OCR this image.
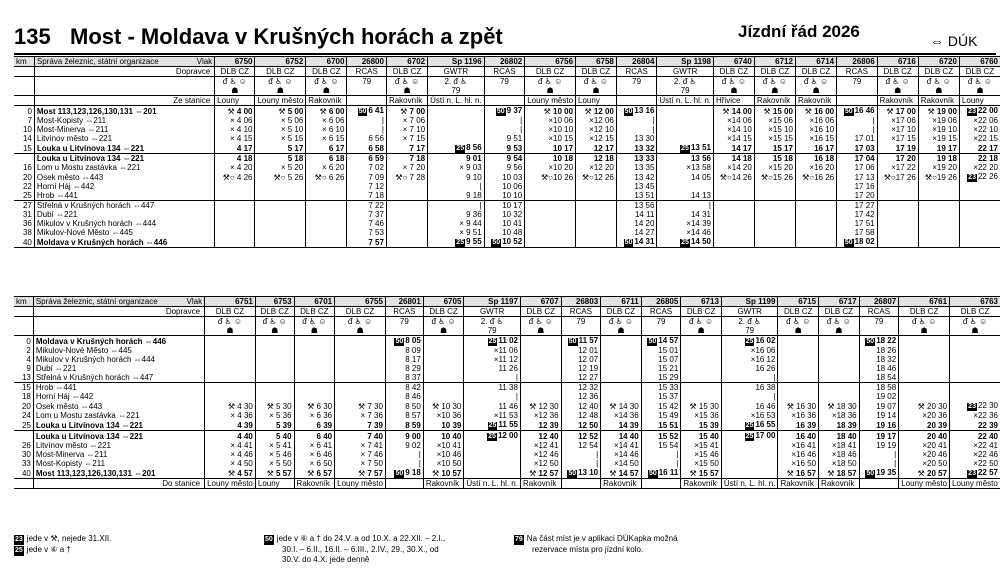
135 Most - Moldava v Krušných horách a zpět	Jízdní řád 2026	⇔ DÚK
km	Správa železnic, státní organizace Vlak	6750	6752	6700	26800	6702	Sp 1196	26802	6756	6758	26804	Sp 1198	6740	6712	6714	26806	6716	6720	6760
	Dopravce	DLB CZ	DLB CZ	DLB CZ	RCAS	DLB CZ	GWTR	RCAS	DLB CZ	DLB CZ	RCAS	GWTR	DLB CZ	DLB CZ	DLB CZ	RCAS	DLB CZ	DLB CZ	DLB CZ
		ᵭ ♿ ☺	ᵭ ♿ ☺	ᵭ ♿ ☺	79	ᵭ ♿ ☺	2. ᵭ ♿	79	ᵭ ♿ ☺	ᵭ ♿ ☺	79	2. ᵭ ♿	ᵭ ♿ ☺	ᵭ ♿ ☺	ᵭ ♿ ☺	79	ᵭ ♿ ☺	ᵭ ♿ ☺	ᵭ ♿ ☺
		☗	☗	☗		☗	79		☗	☗		79	☗	☗	☗		☗	☗	☗
	Ze stanice	Louny	Louny město	Rakovník		Rakovník	Ústí n. L. hl. n.		Louny město	Louny		Ústí n. L. hl. n.	Hřivice	Rakovník	Rakovník		Rakovník	Rakovník	Louny
0	Most 113,123,126,130,131 ⇔201	⚒ 4 00	⚒ 5 00	⚒ 6 00	50 6 41	⚒ 7 00		50 9 37	⚒ 10 00	⚒ 12 00	50 13 16		⚒ 14 00	⚒ 15 00	⚒ 16 00	50 16 46	⚒ 17 00	⚒ 19 00	23 22 00
7	Most-Kopisty ⇔211	× 4 06	× 5 06	× 6 06	|	× 7 06		|	×10 06	×12 06	|		×14 06	×15 06	×16 06	|	×17 06	×19 06	×22 06
10	Most-Minerva ⇔211	× 4 10	× 5 10	× 6 10	|	× 7 10		|	×10 10	×12 10	|		×14 10	×15 10	×16 10	|	×17 10	×19 10	×22 10
14	Litvínov město ⇔221	× 4 15	× 5 15	× 6 15	6 56	× 7 15		9 51	×10 15	×12 15	13 30		×14 15	×15 15	×16 15	17 01	×17 15	×19 15	×22 15
15	Louka u Litvínova 134 ⇔221	4 17	5 17	6 17	6 58	7 17	25 8 56	9 53	10 17	12 17	13 32	25 13 51	14 17	15 17	16 17	17 03	17 19	19 17	22 17
	Louka u Litvínova 134 ⇔221	4 18	5 18	6 18	6 59	7 18	9 01	9 54	10 18	12 18	13 33	13 56	14 18	15 18	16 18	17 04	17 20	19 18	22 18
16	Lom u Mostu zastávka ⇔221	× 4 20	× 5 20	× 6 20	7 02	× 7 20	× 9 03	9 56	×10 20	×12 20	13 35	×13 58	×14 20	×15 20	×16 20	17 06	×17 22	×19 20	×22 20
20	Osek město ⇔443	⚒○ 4 26	⚒○ 5 26	⚒○ 6 26	7 09	⚒○ 7 28	9 10	10 03	⚒○10 26	⚒○12 26	13 42	14 05	⚒○14 26	⚒○15 26	⚒○16 26	17 13	⚒○17 26	⚒○19 26	23 22 26
22	Horní Háj ⇔442				7 12		|	10 06			13 45					17 16			
25	Hrob ⇔441				7 18		9 18	10 10			13 51	14 13				17 20			
27	Střelná v Krušných horách ⇔447				7 22		|	10 17			13 56	|				17 27			
31	Dubí ⇔221				7 37		9 36	10 32			14 11	14 31				17 42			
36	Mikulov v Krušných horách ⇔444				7 46		× 9 44	10 41			14 20	×14 39				17 51			
38	Mikulov-Nové Město ⇔445				7 53		× 9 51	10 48			14 27	×14 46				17 58			
40	Moldava v Krušných horách ⇔446				7 57		25 9 55	50 10 52			50 14 31	25 14 50				50 18 02			
km	Správa železnic, státní organizace Vlak	6751	6753	6701	6755	26801	6705	Sp 1197	6707	26803	6711	26805	6713	Sp 1199	6715	6717	26807	6761	6763
	Dopravce	DLB CZ	DLB CZ	DLB CZ	DLB CZ	RCAS	DLB CZ	GWTR	DLB CZ	RCAS	DLB CZ	RCAS	DLB CZ	GWTR	DLB CZ	DLB CZ	RCAS	DLB CZ	DLB CZ
		ᵭ ♿ ☺	ᵭ ♿ ☺	ᵭ ♿ ☺	ᵭ ♿ ☺	79	ᵭ ♿ ☺	2. ᵭ ♿	ᵭ ♿ ☺	79	ᵭ ♿ ☺	79	ᵭ ♿ ☺	2. ᵭ ♿	ᵭ ♿ ☺	ᵭ ♿ ☺	79	ᵭ ♿ ☺	ᵭ ♿ ☺
		☗	☗	☗	☗		☗	79	☗		☗		☗	79	☗	☗		☗	☗
0	Moldava v Krušných horách ⇔446					50 8 05		25 11 02		50 11 57		50 14 57		25 16 02			50 18 22		
2	Mikulov-Nové Město ⇔445					8 09		×11 06		12 01		15 01		×16 06			18 26		
4	Mikulov v Krušných horách ⇔444					8 17		×11 12		12 07		15 07		×16 12			18 32		
9	Dubí ⇔221					8 29		11 26		12 19		15 21		16 26			18 46		
13	Střelná v Krušných horách ⇔447					8 37		|		12 27		15 29		|			18 54		
15	Hrob ⇔441					8 42		11 38		12 32		15 33		16 38			18 58		
18	Horní Háj ⇔442					8 46		|		12 36		15 37		|			19 02		
20	Osek město ⇔443	⚒ 4 30	⚒ 5 30	⚒ 6 30	⚒ 7 30	8 50	⚒ 10 30	11 46	⚒ 12 30	12 40	⚒ 14 30	15 42	⚒ 15 30	16 46	⚒ 16 30	⚒ 18 30	19 07	⚒ 20 30	23 22 30
24	Lom u Mostu zastávka ⇔221	× 4 36	× 5 36	× 6 36	× 7 36	8 57	×10 36	×11 53	×12 36	12 48	×14 36	15 49	×15 36	×16 53	×16 36	×18 36	19 14	×20 36	×22 36
25	Louka u Litvínova 134 ⇔221	4 39	5 39	6 39	7 39	8 59	10 39	25 11 55	12 39	12 50	14 39	15 51	15 39	25 16 55	16 39	18 39	19 16	20 39	22 39
	Louka u Litvínova 134 ⇔221	4 40	5 40	6 40	7 40	9 00	10 40	25 12 00	12 40	12 52	14 40	15 52	15 40	25 17 00	16 40	18 40	19 17	20 40	22 40
26	Litvínov město ⇔221	× 4 41	× 5 41	× 6 41	× 7 41	9 02	×10 41		×12 41	12 54	×14 41	15 54	×15 41		×16 41	×18 41	19 19	×20 41	×22 41
30	Most-Minerva ⇔211	× 4 46	× 5 46	× 6 46	× 7 46	|	×10 46		×12 46	|	×14 46	|	×15 46		×16 46	×18 46	|	×20 46	×22 46
33	Most-Kopisty ⇔211	× 4 50	× 5 50	× 6 50	× 7 50	|	×10 50		×12 50	|	×14 50	|	×15 50		×16 50	×18 50	|	×20 50	×22 50
40	Most 113,123,126,130,131 ⇔201	⚒ 4 57	⚒ 5 57	⚒ 6 57	⚒ 7 57	50 9 18	⚒ 10 57		⚒ 12 57	50 13 10	⚒ 14 57	50 16 11	⚒ 15 57		⚒ 16 57	⚒ 18 57	50 19 35	⚒ 20 57	23 22 57
	Do stanice	Louny město	Louny	Rakovník	Louny město		Rakovník	Ústí n. L. hl. n.	Rakovník		Rakovník		Rakovník	Ústí n. L. hl. n.	Rakovník	Rakovník		Louny město	Louny město
23 jede v ⚒, nejede 31.XII.
25 jede v ⑥ a †
50 jede v ⑥ a † do 24.V. a od 10.X. a 22.XII. – 2.I.,
30.I. – 6.II., 16.II. – 6.III., 2.IV., 29., 30.X., od
30.V. do 4.X. jede denně
79 Na část míst je v aplikaci DÚKapka možná
rezervace místa pro jízdní kolo.
